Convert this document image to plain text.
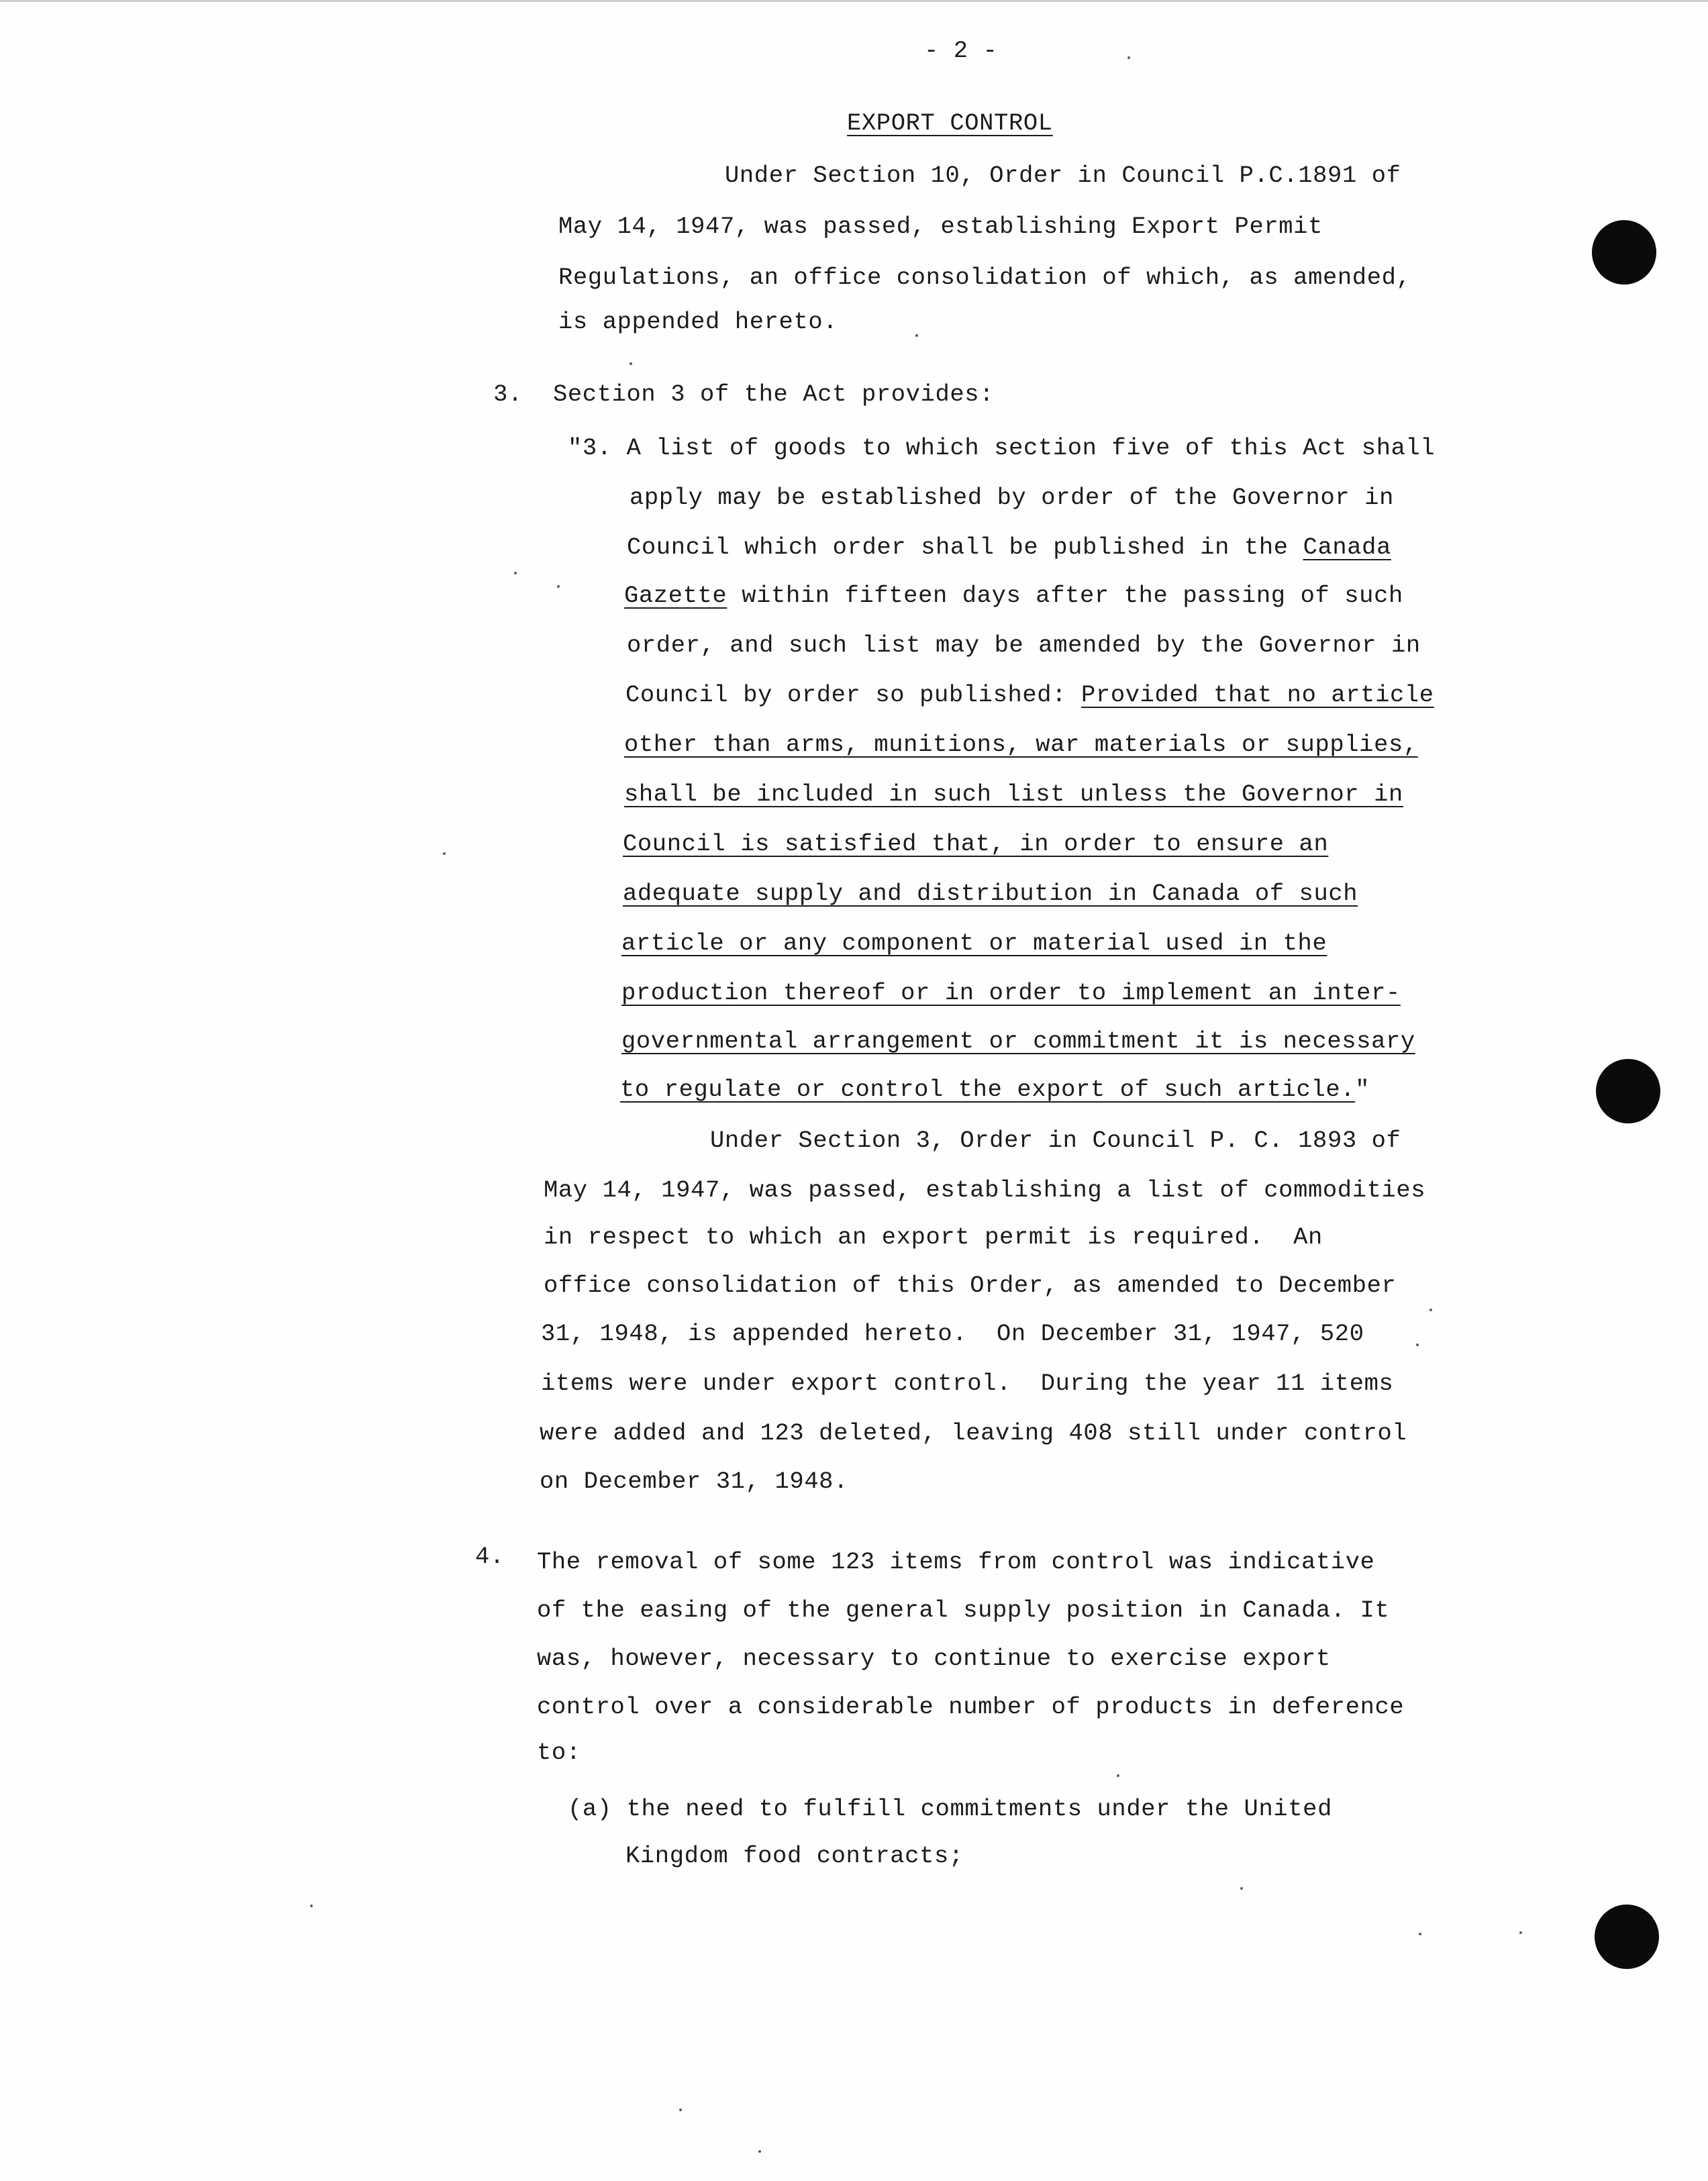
- 2 -
EXPORT CONTROL
Under Section 10, Order in Council P.C.1891 of
May 14, 1947, was passed, establishing Export Permit
Regulations, an office consolidation of which, as amended,
is appended hereto.
3. Section 3 of the Act provides:
"3. A list of goods to which section five of this Act shall
apply may be established by order of the Governor in
Council which order shall be published in the Canada
Gazette within fifteen days after the passing of such
order, and such list may be amended by the Governor in
Council by order so published: Provided that no article
other than arms, munitions, war materials or supplies,
shall be included in such list unless the Governor in
Council is satisfied that, in order to ensure an
adequate supply and distribution in Canada of such
article or any component or material used in the
production thereof or in order to implement an inter-
governmental arrangement or commitment it is necessary
to regulate or control the export of such article."
Under Section 3, Order in Council P. C. 1893 of
May 14, 1947, was passed, establishing a list of commodities
in respect to which an export permit is required.  An
office consolidation of this Order, as amended to December
31, 1948, is appended hereto.  On December 31, 1947, 520
items were under export control.  During the year 11 items
were added and 123 deleted, leaving 408 still under control
on December 31, 1948.
4. The removal of some 123 items from control was indicative
of the easing of the general supply position in Canada. It
was, however, necessary to continue to exercise export
control over a considerable number of products in deference
to:
(a) the need to fulfill commitments under the United
Kingdom food contracts;
